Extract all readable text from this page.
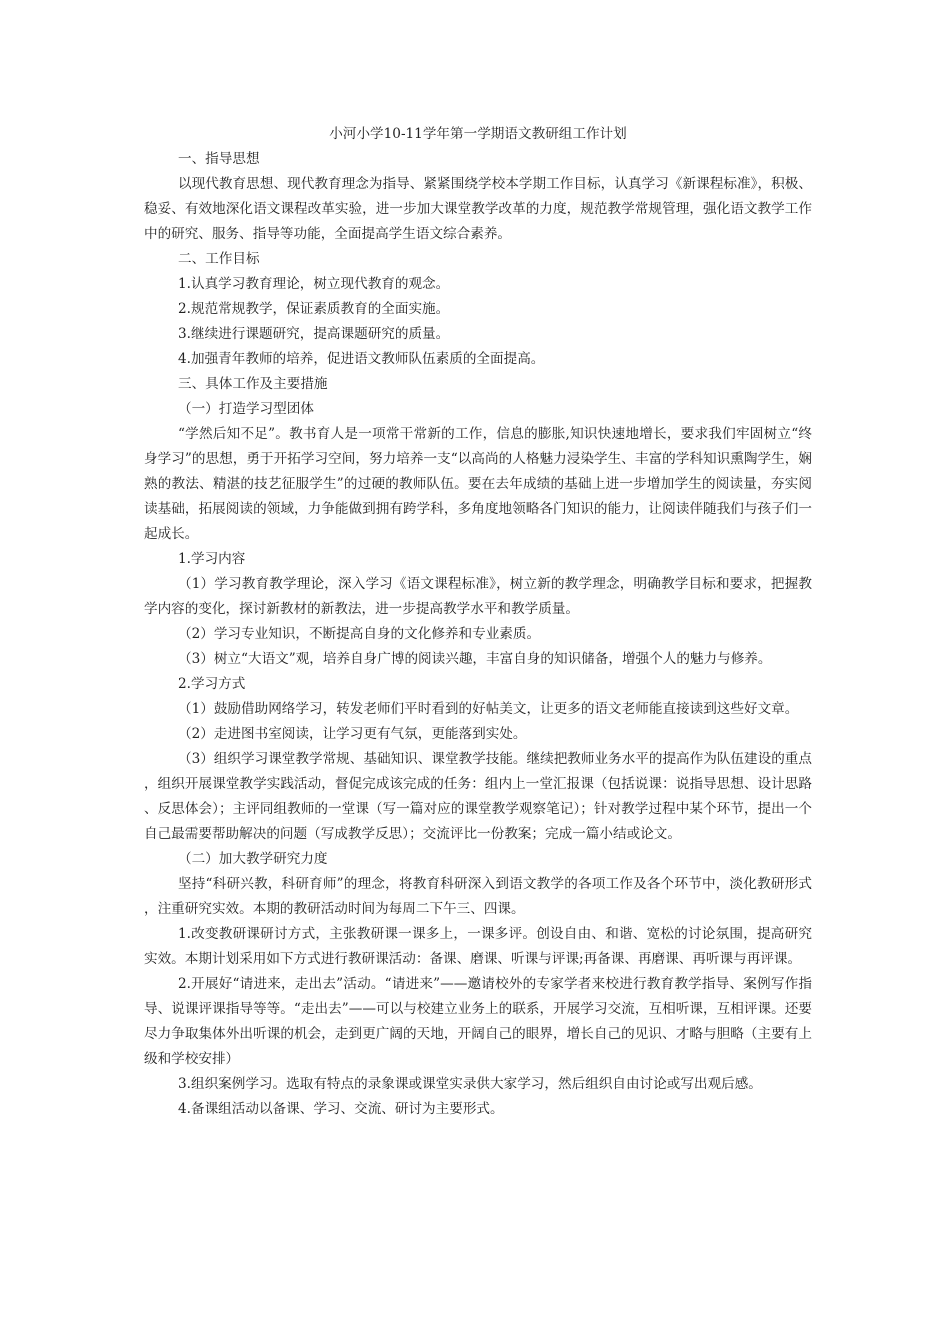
小河小学10-11学年第一学期语文教研组工作计划

一、指导思想

以现代教育思想、现代教育理念为指导、紧紧围绕学校本学期工作目标，认真学习《新课程标准》，积极、稳妥、有效地深化语文课程改革实验，进一步加大课堂教学改革的力度，规范教学常规管理，强化语文教学工作中的研究、服务、指导等功能，全面提高学生语文综合素养。

二、工作目标

1.认真学习教育理论，树立现代教育的观念。

2.规范常规教学，保证素质教育的全面实施。

3.继续进行课题研究，提高课题研究的质量。

4.加强青年教师的培养，促进语文教师队伍素质的全面提高。

三、具体工作及主要措施

（一）打造学习型团体

“学然后知不足”。教书育人是一项常干常新的工作，信息的膨胀,知识快速地增长，要求我们牢固树立“终身学习”的思想，勇于开拓学习空间，努力培养一支“以高尚的人格魅力浸染学生、丰富的学科知识熏陶学生，娴熟的教法、精湛的技艺征服学生”的过硬的教师队伍。要在去年成绩的基础上进一步增加学生的阅读量，夯实阅读基础，拓展阅读的领域，力争能做到拥有跨学科，多角度地领略各门知识的能力，让阅读伴随我们与孩子们一起成长。

1.学习内容

（1）学习教育教学理论，深入学习《语文课程标准》，树立新的教学理念，明确教学目标和要求，把握教学内容的变化，探讨新教材的新教法，进一步提高教学水平和教学质量。

（2）学习专业知识，不断提高自身的文化修养和专业素质。

（3）树立“大语文”观，培养自身广博的阅读兴趣，丰富自身的知识储备，增强个人的魅力与修养。

2.学习方式

（1）鼓励借助网络学习，转发老师们平时看到的好帖美文，让更多的语文老师能直接读到这些好文章。

（2）走进图书室阅读，让学习更有气氛，更能落到实处。

（3）组织学习课堂教学常规、基础知识、课堂教学技能。继续把教师业务水平的提高作为队伍建设的重点，组织开展课堂教学实践活动，督促完成该完成的任务：组内上一堂汇报课（包括说课：说指导思想、设计思路、反思体会）；主评同组教师的一堂课（写一篇对应的课堂教学观察笔记）；针对教学过程中某个环节，提出一个自己最需要帮助解决的问题（写成教学反思）；交流评比一份教案；完成一篇小结或论文。

（二）加大教学研究力度

坚持“科研兴教，科研育师”的理念，将教育科研深入到语文教学的各项工作及各个环节中，淡化教研形式，注重研究实效。本期的教研活动时间为每周二下午三、四课。

1.改变教研课研讨方式，主张教研课一课多上，一课多评。创设自由、和谐、宽松的讨论氛围，提高研究实效。本期计划采用如下方式进行教研课活动：备课、磨课、听课与评课;再备课、再磨课、再听课与再评课。

2.开展好“请进来，走出去”活动。“请进来”——邀请校外的专家学者来校进行教育教学指导、案例写作指导、说课评课指导等等。“走出去”——可以与校建立业务上的联系，开展学习交流，互相听课，互相评课。还要尽力争取集体外出听课的机会，走到更广阔的天地，开阔自己的眼界，增长自己的见识、才略与胆略（主要有上级和学校安排）

3.组织案例学习。选取有特点的录象课或课堂实录供大家学习，然后组织自由讨论或写出观后感。

4.备课组活动以备课、学习、交流、研讨为主要形式。
